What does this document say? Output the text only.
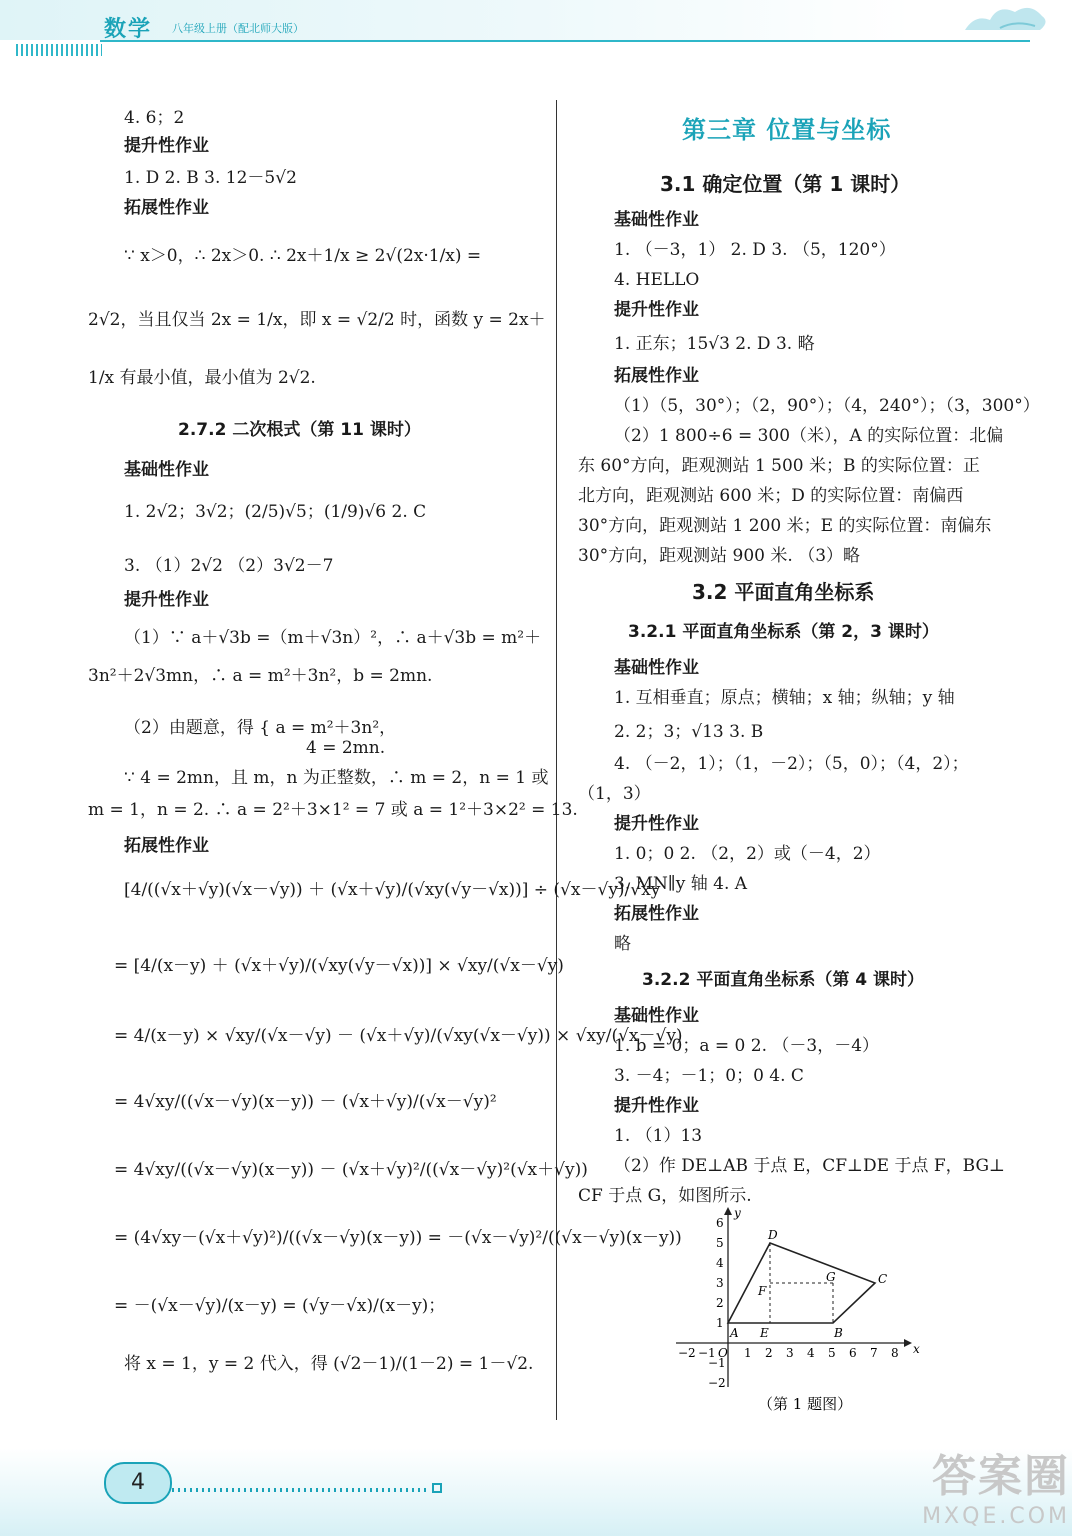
数学 八年级上册（配北师大版）
4. 6；2
提升性作业
1. D 2. B 3. 12－5√2
拓展性作业
∵ x＞0，∴ 2x＞0. ∴ 2x＋1/x ≥ 2√(2x·1/x) =
2√2，当且仅当 2x = 1/x，即 x = √2/2 时，函数 y = 2x＋
1/x 有最小值，最小值为 2√2.
2.7.2 二次根式（第 11 课时）
基础性作业
1. 2√2；3√2；(2/5)√5；(1/9)√6 2. C
3. （1）2√2 （2）3√2－7
提升性作业
（1）∵ a＋√3b =（m＋√3n）²，∴ a＋√3b = m²＋
3n²＋2√3mn，∴ a = m²＋3n²，b = 2mn.
（2）由题意，得 { a = m²＋3n²，
4 = 2mn.
∵ 4 = 2mn，且 m，n 为正整数，∴ m = 2，n = 1 或
m = 1，n = 2. ∴ a = 2²＋3×1² = 7 或 a = 1²＋3×2² = 13.
拓展性作业
[4/((√x＋√y)(√x－√y)) ＋ (√x＋√y)/(√xy(√y－√x))] ÷ (√x－√y)/√xy
= [4/(x－y) ＋ (√x＋√y)/(√xy(√y－√x))] × √xy/(√x－√y)
= 4/(x－y) × √xy/(√x－√y) － (√x＋√y)/(√xy(√x－√y)) × √xy/(√x－√y)
= 4√xy/((√x－√y)(x－y)) － (√x＋√y)/(√x－√y)²
= 4√xy/((√x－√y)(x－y)) － (√x＋√y)²/((√x－√y)²(√x＋√y))
= (4√xy－(√x＋√y)²)/((√x－√y)(x－y)) = －(√x－√y)²/((√x－√y)(x－y))
= －(√x－√y)/(x－y) = (√y－√x)/(x－y)；
将 x = 1，y = 2 代入，得 (√2－1)/(1－2) = 1－√2.
第三章 位置与坐标
3.1 确定位置（第 1 课时）
基础性作业
1. （－3，1） 2. D 3. （5，120°）
4. HELLO
提升性作业
1. 正东；15√3 2. D 3. 略
拓展性作业
（1）（5，30°）；（2，90°）；（4，240°）；（3，300°）
（2）1 800÷6 = 300（米），A 的实际位置：北偏
东 60°方向，距观测站 1 500 米；B 的实际位置：正
北方向，距观测站 600 米；D 的实际位置：南偏西
30°方向，距观测站 1 200 米；E 的实际位置：南偏东
30°方向，距观测站 900 米. （3）略
3.2 平面直角坐标系
3.2.1 平面直角坐标系（第 2，3 课时）
基础性作业
1. 互相垂直；原点；横轴；x 轴；纵轴；y 轴
2. 2；3；√13 3. B
4. （－2，1）；（1，－2）；（5，0）；（4，2）；
（1，3）
提升性作业
1. 0；0 2. （2，2）或（－4，2）
3. MN∥y 轴 4. A
拓展性作业
略
3.2.2 平面直角坐标系（第 4 课时）
基础性作业
1. b = 0；a = 0 2. （－3，－4）
3. －4；－1；0；0 4. C
提升性作业
1. （1）13
（2）作 DE⊥AB 于点 E，CF⊥DE 于点 F，BG⊥
CF 于点 G，如图所示.
x
y
O
−2 −1 1 2 3 4 5 6 7 8
6
5
4
3
2
1
−1
−2
A	B
C
D
E
F
G
（第 1 题图）
4	答案圈
MXQE.COM
